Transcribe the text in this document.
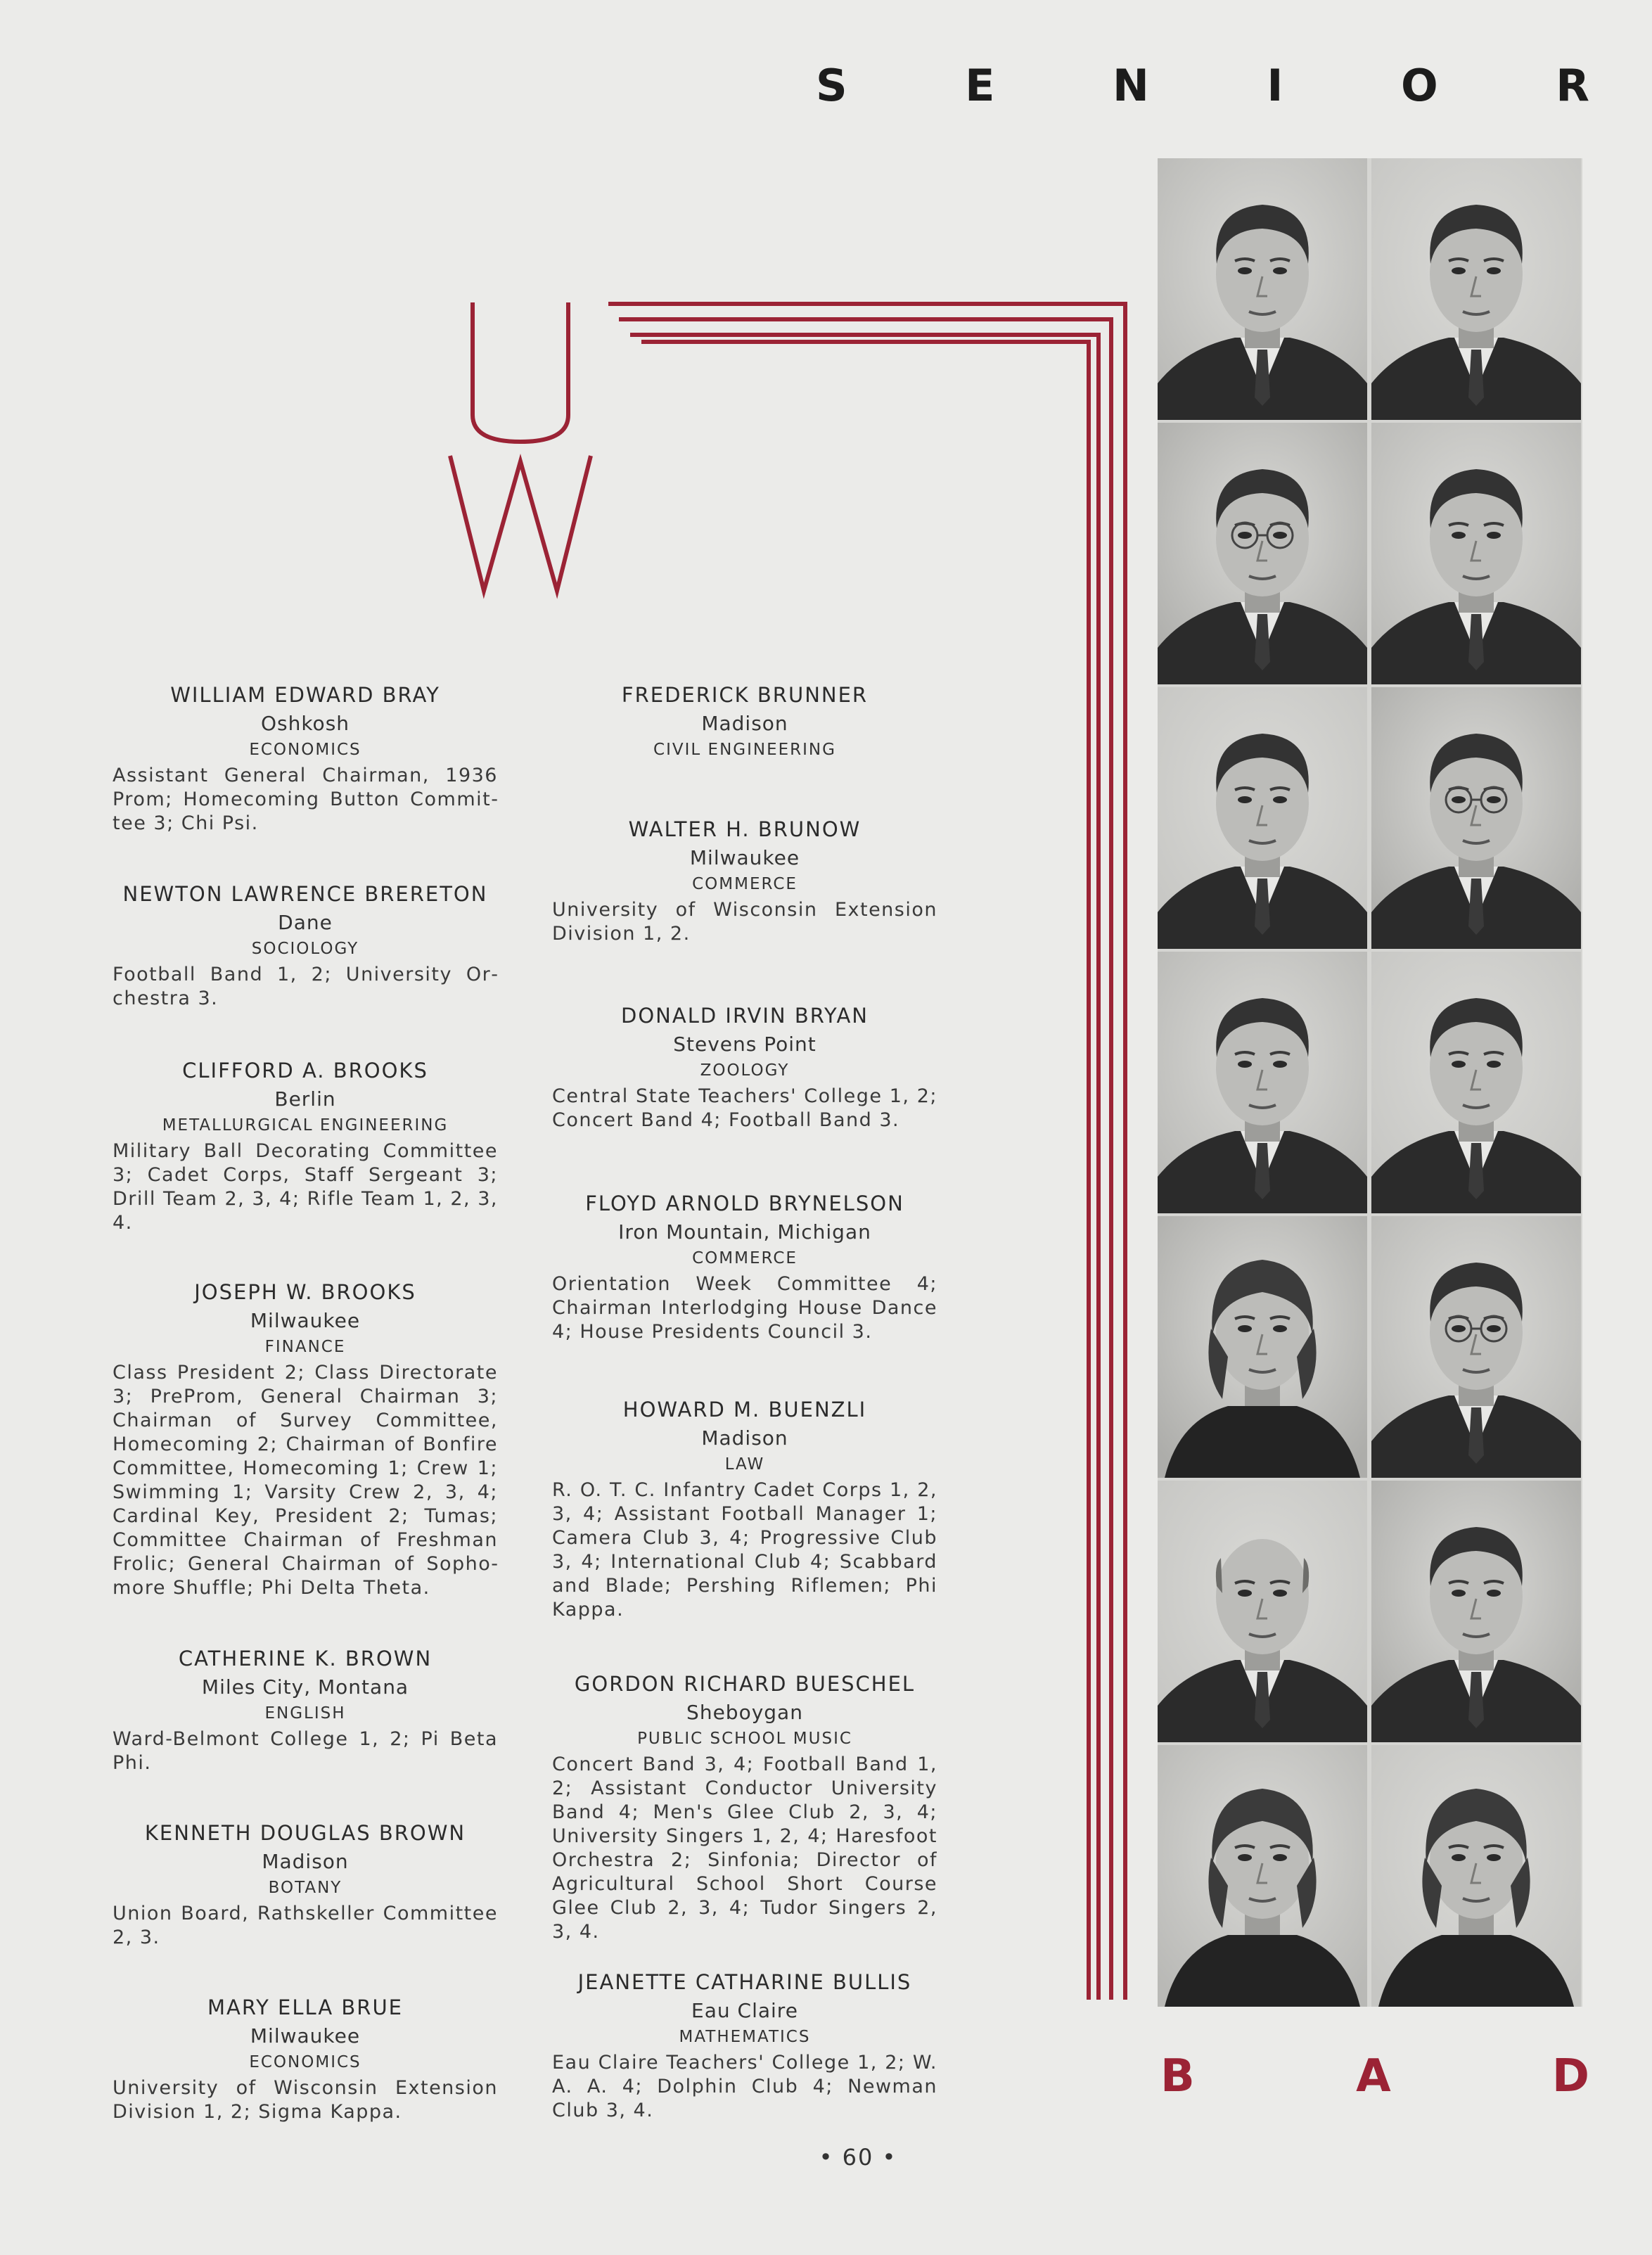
S	E	N	I	O	R
WILLIAM EDWARD BRAY
Oshkosh
ECONOMICS
Assistant General Chairman, 1936 Prom; Homecoming Button Committee 3; Chi Psi.
NEWTON LAWRENCE BRERETON
Dane
SOCIOLOGY
Football Band 1, 2; University Orchestra 3.
CLIFFORD A. BROOKS
Berlin
METALLURGICAL ENGINEERING
Military Ball Decorating Committee 3; Cadet Corps, Staff Sergeant 3; Drill Team 2, 3, 4; Rifle Team 1, 2, 3, 4.
JOSEPH W. BROOKS
Milwaukee
FINANCE
Class President 2; Class Directorate 3; PreProm, General Chairman 3; Chairman of Survey Committee, Homecoming 2; Chairman of Bonfire Committee, Homecoming 1; Crew 1; Swimming 1; Varsity Crew 2, 3, 4; Cardinal Key, President 2; Tumas; Committee Chairman of Freshman Frolic; General Chairman of Sophomore Shuffle; Phi Delta Theta.
CATHERINE K. BROWN
Miles City, Montana
ENGLISH
Ward-Belmont College 1, 2; Pi Beta Phi.
KENNETH DOUGLAS BROWN
Madison
BOTANY
Union Board, Rathskeller Committee 2, 3.
MARY ELLA BRUE
Milwaukee
ECONOMICS
University of Wisconsin Extension Division 1, 2; Sigma Kappa.
FREDERICK BRUNNER
Madison
CIVIL ENGINEERING
WALTER H. BRUNOW
Milwaukee
COMMERCE
University of Wisconsin Extension Division 1, 2.
DONALD IRVIN BRYAN
Stevens Point
ZOOLOGY
Central State Teachers' College 1, 2; Concert Band 4; Football Band 3.
FLOYD ARNOLD BRYNELSON
Iron Mountain, Michigan
COMMERCE
Orientation Week Committee 4; Chairman Interlodging House Dance 4; House Presidents Council 3.
HOWARD M. BUENZLI
Madison
LAW
R. O. T. C. Infantry Cadet Corps 1, 2, 3, 4; Assistant Football Manager 1; Camera Club 3, 4; Progressive Club 3, 4; International Club 4; Scabbard and Blade; Pershing Riflemen; Phi Kappa.
GORDON RICHARD BUESCHEL
Sheboygan
PUBLIC SCHOOL MUSIC
Concert Band 3, 4; Football Band 1, 2; Assistant Conductor University Band 4; Men's Glee Club 2, 3, 4; University Singers 1, 2, 4; Haresfoot Orchestra 2; Sinfonia; Director of Agricultural School Short Course Glee Club 2, 3, 4; Tudor Singers 2, 3, 4.
JEANETTE CATHARINE BULLIS
Eau Claire
MATHEMATICS
Eau Claire Teachers' College 1, 2; W. A. A. 4; Dolphin Club 4; Newman Club 3, 4.
B	A	D
• 60 •
